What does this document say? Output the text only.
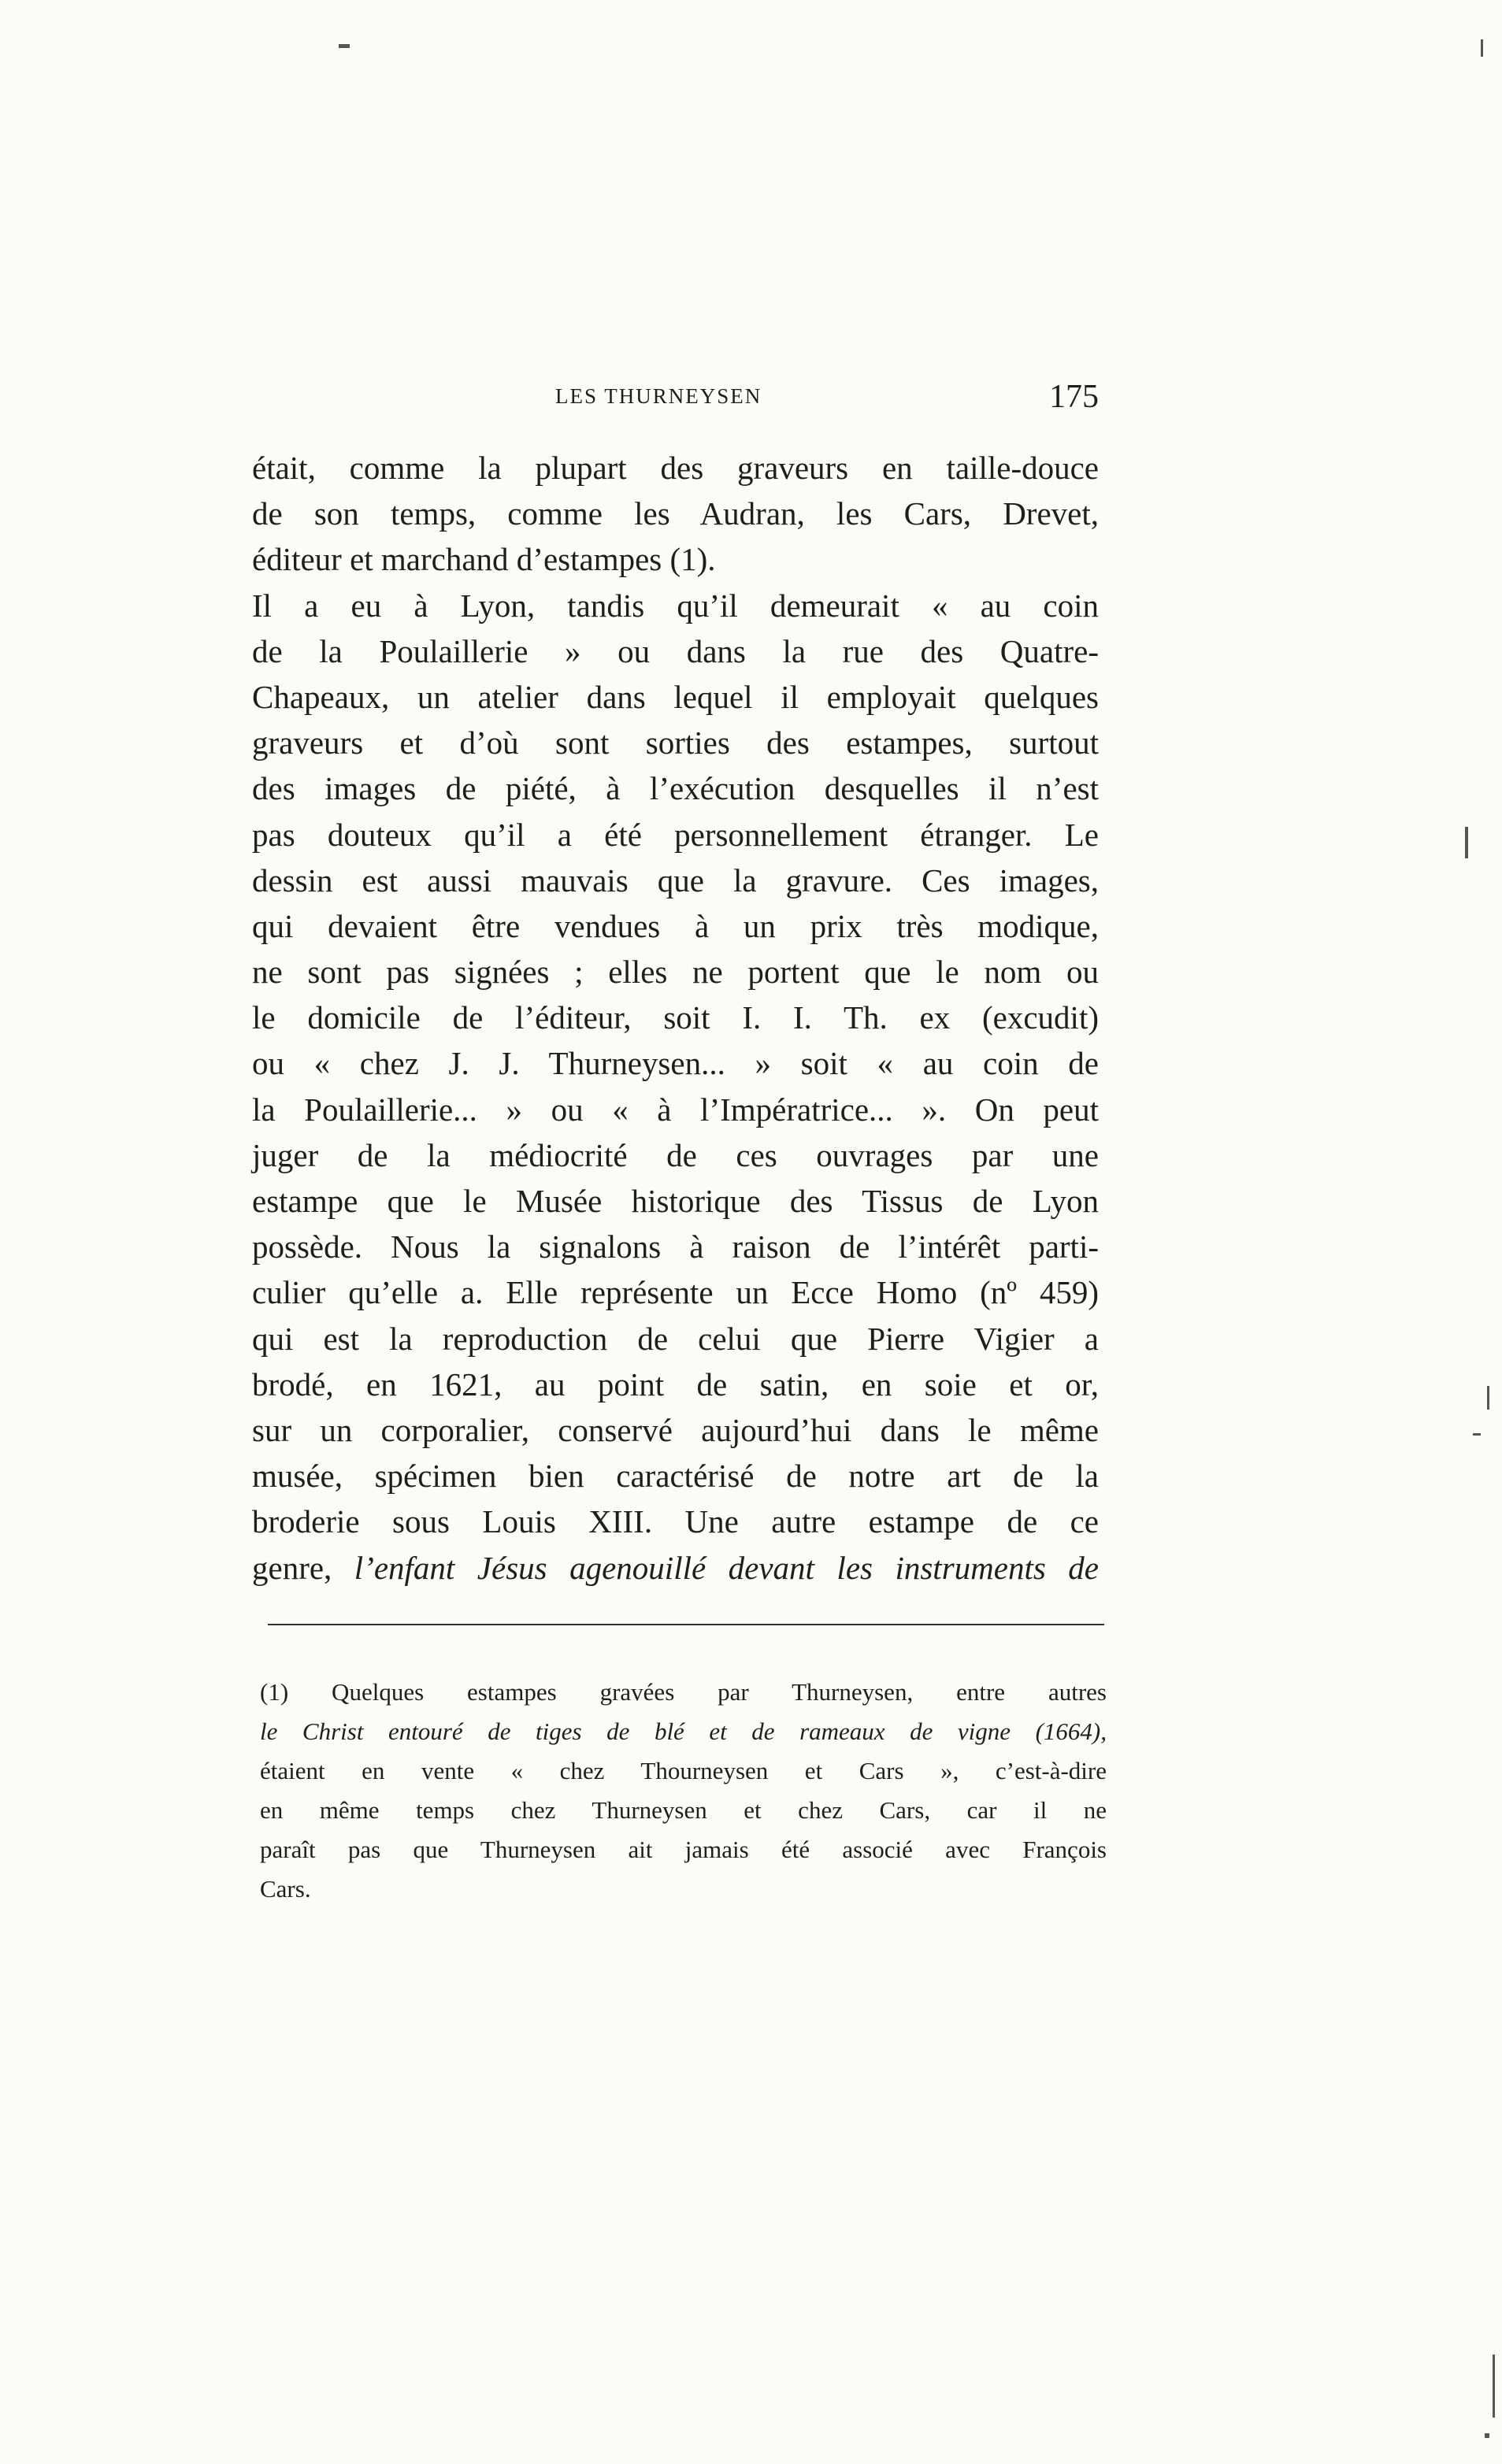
LES THURNEYSEN	175
était, comme la plupart des graveurs en taille-douce
de son temps, comme les Audran, les Cars, Drevet,
éditeur et marchand d’estampes (1).
Il a eu à Lyon, tandis qu’il demeurait « au coin
de la Poulaillerie » ou dans la rue des Quatre-
Chapeaux, un atelier dans lequel il employait quelques
graveurs et d’où sont sorties des estampes, surtout
des images de piété, à l’exécution desquelles il n’est
pas douteux qu’il a été personnellement étranger. Le
dessin est aussi mauvais que la gravure. Ces images,
qui devaient être vendues à un prix très modique,
ne sont pas signées ; elles ne portent que le nom ou
le domicile de l’éditeur, soit I. I. Th. ex (excudit)
ou « chez J. J. Thurneysen... » soit « au coin de
la Poulaillerie... » ou « à l’Impératrice... ». On peut
juger de la médiocrité de ces ouvrages par une
estampe que le Musée historique des Tissus de Lyon
possède. Nous la signalons à raison de l’intérêt parti-
culier qu’elle a. Elle représente un Ecce Homo (nº 459)
qui est la reproduction de celui que Pierre Vigier a
brodé, en 1621, au point de satin, en soie et or,
sur un corporalier, conservé aujourd’hui dans le même
musée, spécimen bien caractérisé de notre art de la
broderie sous Louis XIII. Une autre estampe de ce
genre, l’enfant Jésus agenouillé devant les instruments de
(1) Quelques estampes gravées par Thurneysen, entre autres
le Christ entouré de tiges de blé et de rameaux de vigne (1664),
étaient en vente « chez Thourneysen et Cars », c’est-à-dire
en même temps chez Thurneysen et chez Cars, car il ne
paraît pas que Thurneysen ait jamais été associé avec François
Cars.
